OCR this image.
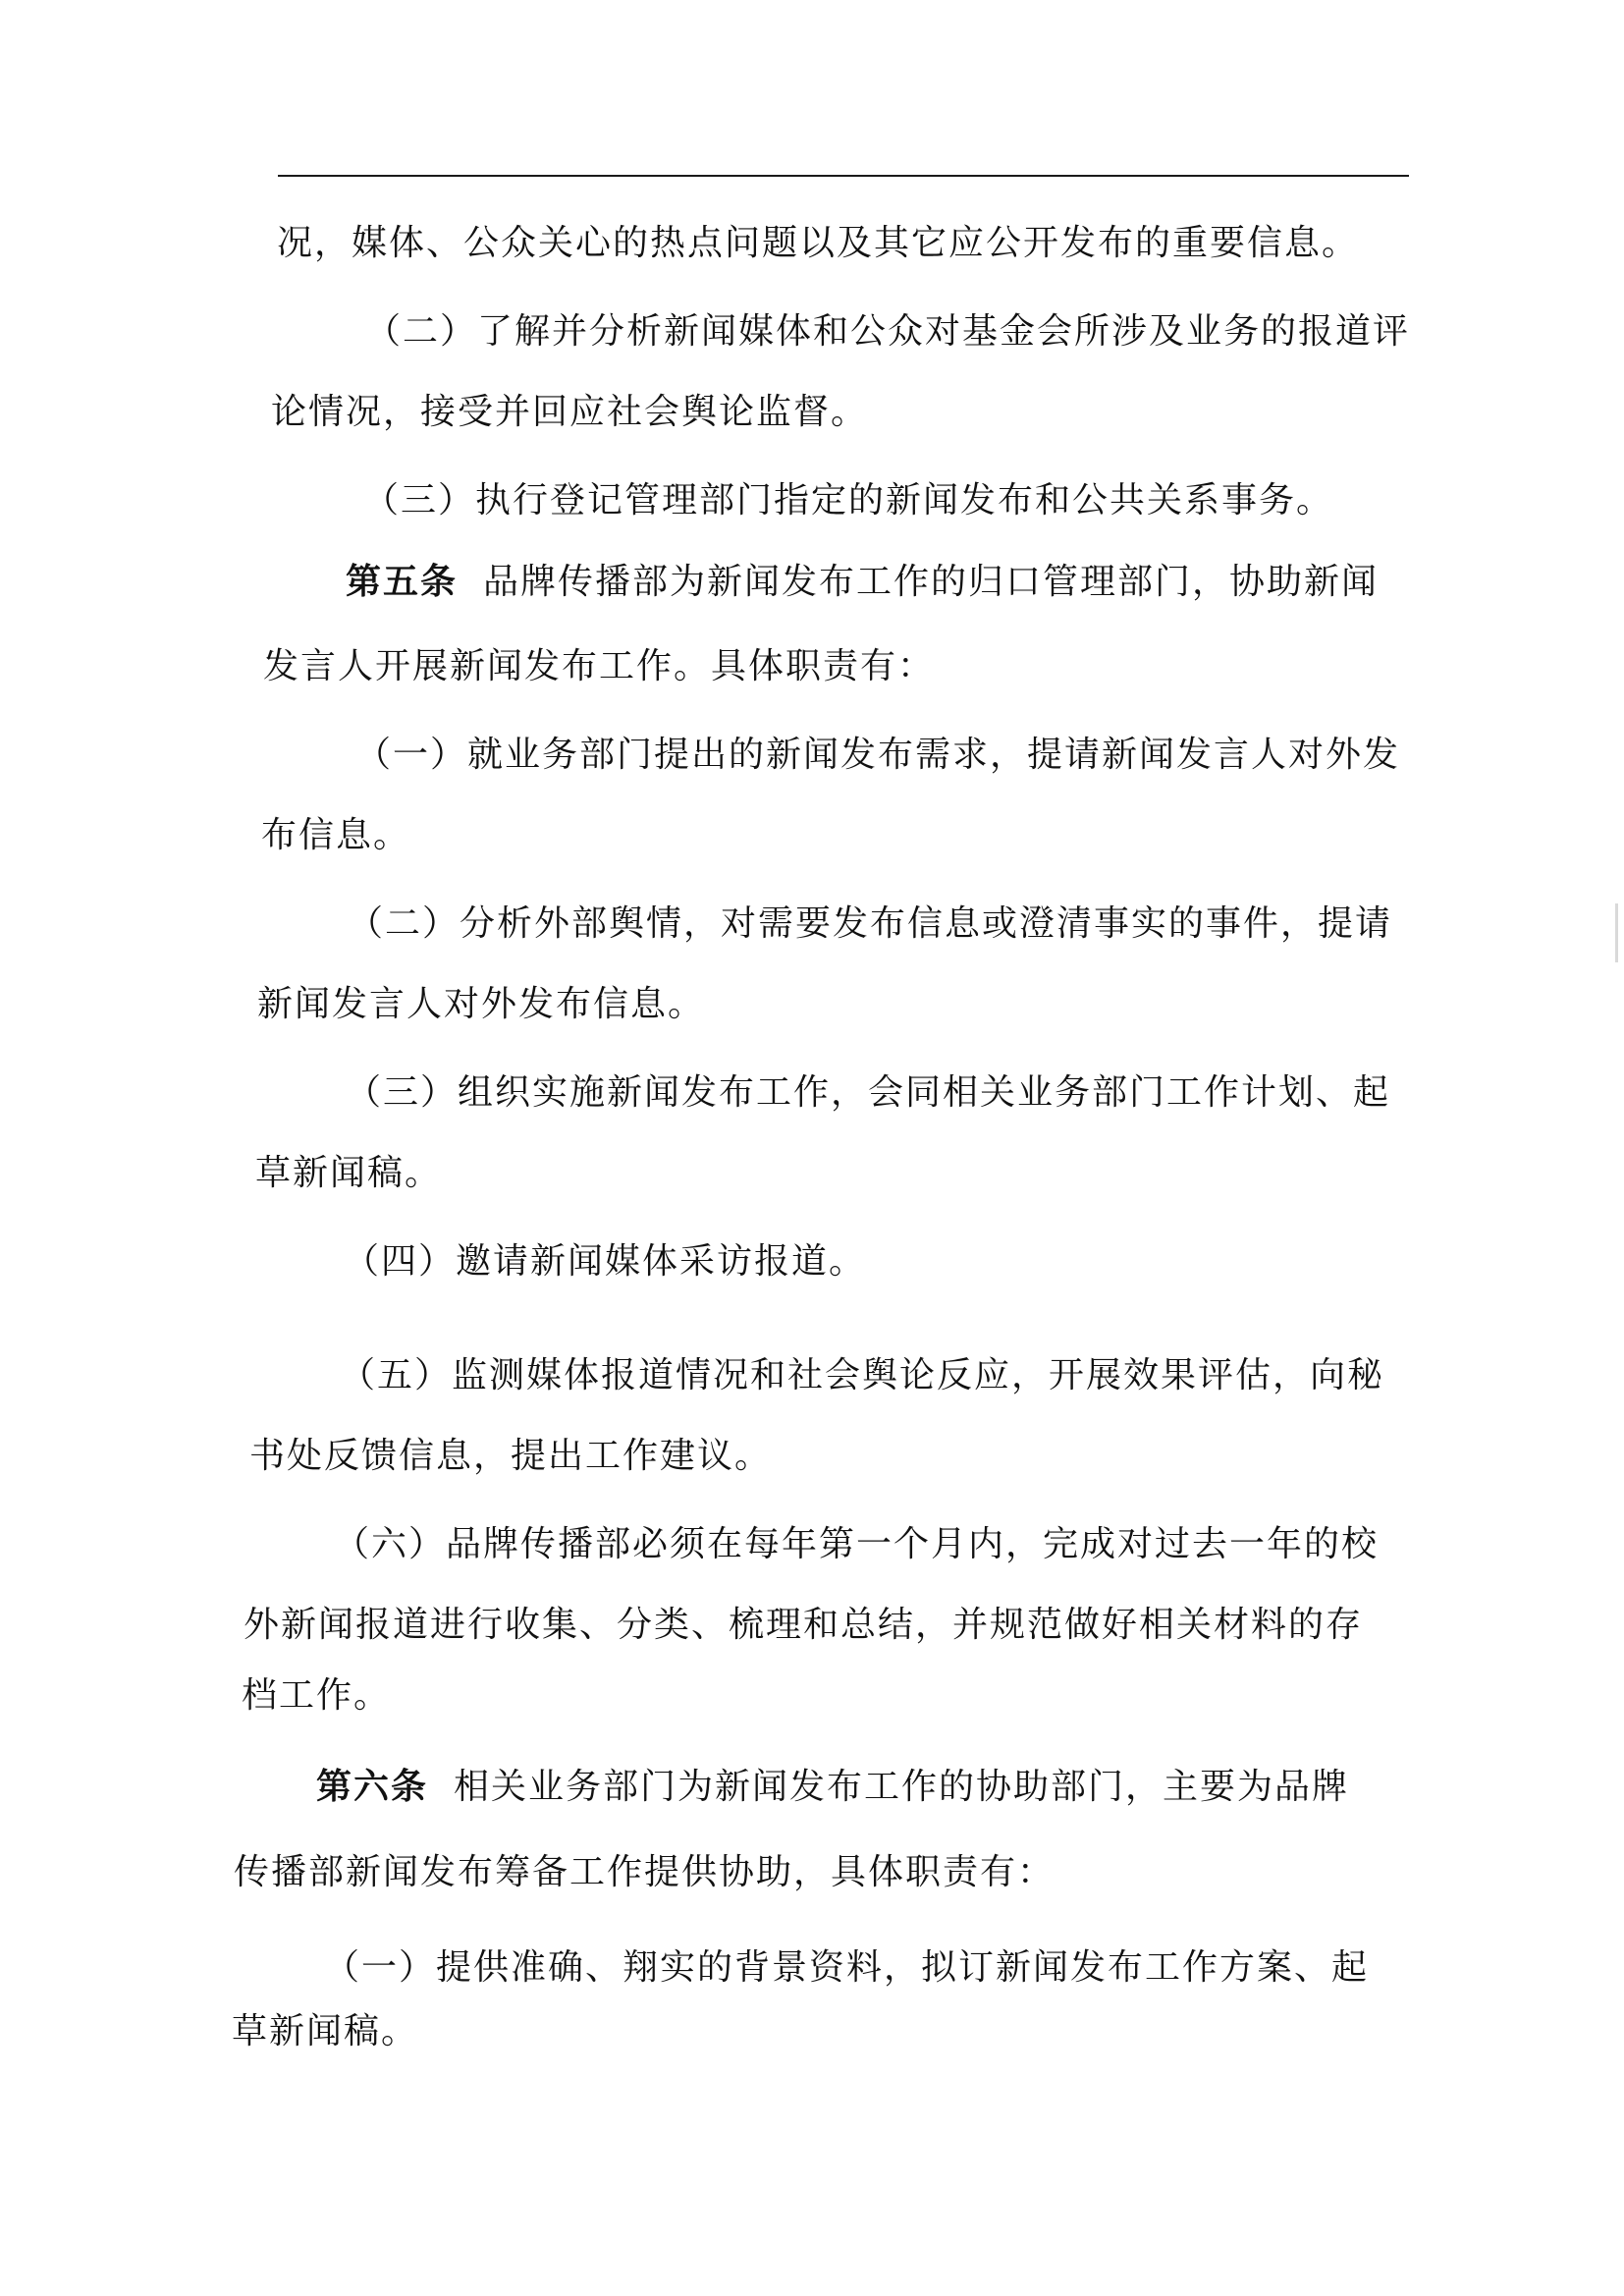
况，媒体、公众关心的热点问题以及其它应公开发布的重要信息。
（二）了解并分析新闻媒体和公众对基金会所涉及业务的报道评
论情况，接受并回应社会舆论监督。
（三）执行登记管理部门指定的新闻发布和公共关系事务。
第五条 品牌传播部为新闻发布工作的归口管理部门，协助新闻
发言人开展新闻发布工作。具体职责有：
（一）就业务部门提出的新闻发布需求，提请新闻发言人对外发
布信息。
（二）分析外部舆情，对需要发布信息或澄清事实的事件，提请
新闻发言人对外发布信息。
（三）组织实施新闻发布工作，会同相关业务部门工作计划、起
草新闻稿。
（四）邀请新闻媒体采访报道。
（五）监测媒体报道情况和社会舆论反应，开展效果评估，向秘
书处反馈信息，提出工作建议。
（六）品牌传播部必须在每年第一个月内，完成对过去一年的校
外新闻报道进行收集、分类、梳理和总结，并规范做好相关材料的存
档工作。
第六条 相关业务部门为新闻发布工作的协助部门，主要为品牌
传播部新闻发布筹备工作提供协助，具体职责有：
（一）提供准确、翔实的背景资料，拟订新闻发布工作方案、起
草新闻稿。
